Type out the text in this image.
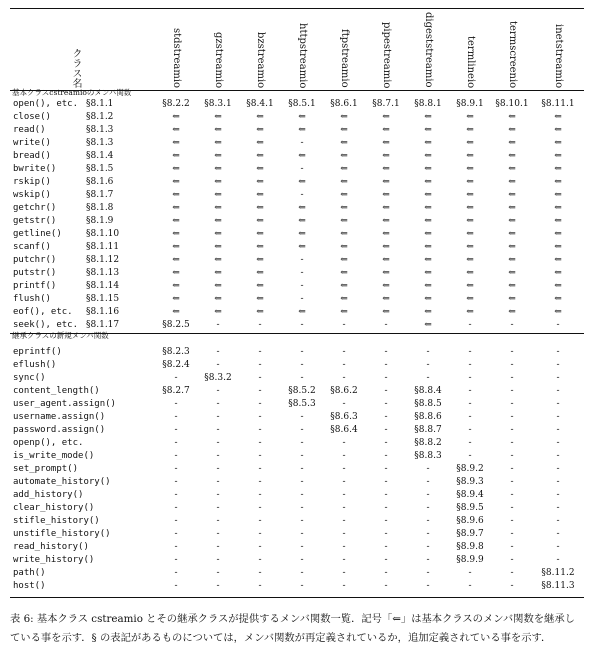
クラス名	stdstreamio	gzstreamio	bzstreamio	httpstreamio	ftpstreamio	pipestreamio	digeststreamio	termlineio	termscreenio	inetstreamio
基本クラスcstreamioのメンバ関数
open(), etc. §8.1.1	§8.2.2	§8.3.1	§8.4.1	§8.5.1	§8.6.1	§8.7.1	§8.8.1	§8.9.1	§8.10.1	§8.11.1
close()	§8.1.2	⇐	⇐	⇐	⇐	⇐	⇐	⇐	⇐	⇐	⇐
read()	§8.1.3	⇐	⇐	⇐	⇐	⇐	⇐	⇐	⇐	⇐	⇐
write()	§8.1.3	⇐	⇐	⇐	-	⇐	⇐	⇐	⇐	⇐	⇐
bread()	§8.1.4	⇐	⇐	⇐	⇐	⇐	⇐	⇐	⇐	⇐	⇐
bwrite()	§8.1.5	⇐	⇐	⇐	-	⇐	⇐	⇐	⇐	⇐	⇐
rskip()	§8.1.6	⇐	⇐	⇐	⇐	⇐	⇐	⇐	⇐	⇐	⇐
wskip()	§8.1.7	⇐	⇐	⇐	-	⇐	⇐	⇐	⇐	⇐	⇐
getchr()	§8.1.8	⇐	⇐	⇐	⇐	⇐	⇐	⇐	⇐	⇐	⇐
getstr()	§8.1.9	⇐	⇐	⇐	⇐	⇐	⇐	⇐	⇐	⇐	⇐
getline()	§8.1.10	⇐	⇐	⇐	⇐	⇐	⇐	⇐	⇐	⇐	⇐
scanf()	§8.1.11	⇐	⇐	⇐	⇐	⇐	⇐	⇐	⇐	⇐	⇐
putchr()	§8.1.12	⇐	⇐	⇐	-	⇐	⇐	⇐	⇐	⇐	⇐
putstr()	§8.1.13	⇐	⇐	⇐	-	⇐	⇐	⇐	⇐	⇐	⇐
printf()	§8.1.14	⇐	⇐	⇐	-	⇐	⇐	⇐	⇐	⇐	⇐
flush()	§8.1.15	⇐	⇐	⇐	-	⇐	⇐	⇐	⇐	⇐	⇐
eof(), etc. §8.1.16	⇐	⇐	⇐	⇐	⇐	⇐	⇐	⇐	⇐	⇐
seek(), etc. §8.1.17	§8.2.5	-	-	-	-	-	⇐	-	-	-
継承クラスの新規メンバ関数
eprintf()	§8.2.3	-	-	-	-	-	-	-	-	-
eflush()	§8.2.4	-	-	-	-	-	-	-	-	-
sync()	-	§8.3.2	-	-	-	-	-	-	-	-
content_length()	§8.2.7	-	-	§8.5.2	§8.6.2	-	§8.8.4	-	-	-
user_agent.assign()	-	-	-	§8.5.3	-	-	§8.8.5	-	-	-
username.assign()	-	-	-	-	§8.6.3	-	§8.8.6	-	-	-
password.assign()	-	-	-	-	§8.6.4	-	§8.8.7	-	-	-
openp(), etc.	-	-	-	-	-	-	§8.8.2	-	-	-
is_write_mode()	-	-	-	-	-	-	§8.8.3	-	-	-
set_prompt()	-	-	-	-	-	-	-	§8.9.2	-	-
automate_history()	-	-	-	-	-	-	-	§8.9.3	-	-
add_history()	-	-	-	-	-	-	-	§8.9.4	-	-
clear_history()	-	-	-	-	-	-	-	§8.9.5	-	-
stifle_history()	-	-	-	-	-	-	-	§8.9.6	-	-
unstifle_history()	-	-	-	-	-	-	-	§8.9.7	-	-
read_history()	-	-	-	-	-	-	-	§8.9.8	-	-
write_history()	-	-	-	-	-	-	-	§8.9.9	-	-
path()	-	-	-	-	-	-	-	-	-	§8.11.2
host()	-	-	-	-	-	-	-	-	-	§8.11.3
表 6: 基本クラス cstreamio とその継承クラスが提供するメンバ関数一覧．記号「⇐」は基本クラスのメンバ関数を継承している事を示す．§ の表記があるものについては，メンバ関数が再定義されているか，追加定義されている事を示す．
